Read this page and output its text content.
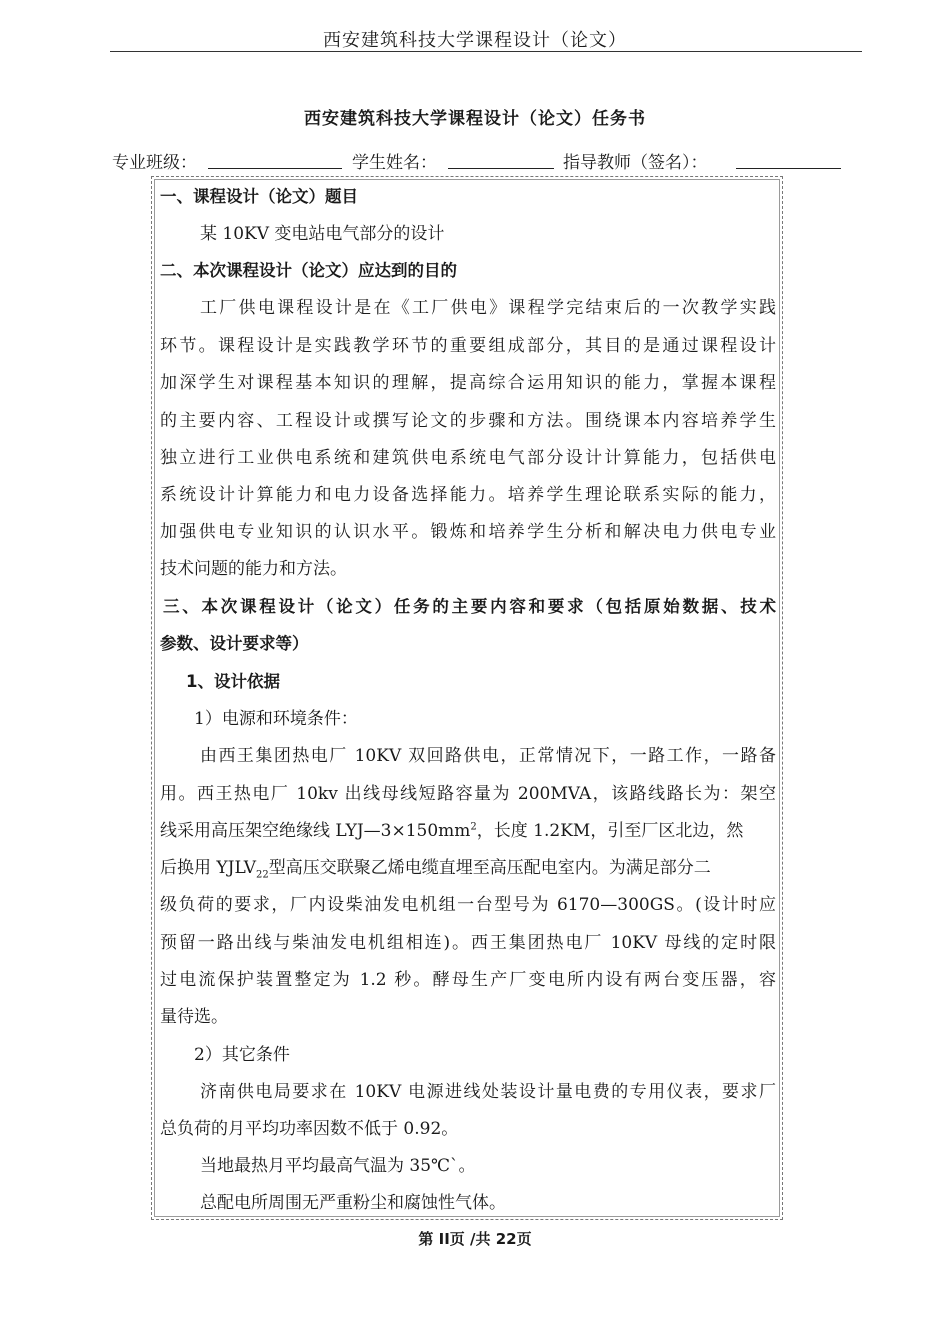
西安建筑科技大学课程设计（论文）
西安建筑科技大学课程设计（论文）任务书
专业班级：	学生姓名：	指导教师（签名）：
一、课程设计（论文）题目
某 10KV 变电站电气部分的设计
二、本次课程设计（论文）应达到的目的
工厂供电课程设计是在《工厂供电》课程学完结束后的一次教学实践
环节。课程设计是实践教学环节的重要组成部分，其目的是通过课程设计
加深学生对课程基本知识的理解，提高综合运用知识的能力，掌握本课程
的主要内容、工程设计或撰写论文的步骤和方法。围绕课本内容培养学生
独立进行工业供电系统和建筑供电系统电气部分设计计算能力，包括供电
系统设计计算能力和电力设备选择能力。培养学生理论联系实际的能力，
加强供电专业知识的认识水平。锻炼和培养学生分析和解决电力供电专业
技术问题的能力和方法。
三、本次课程设计（论文）任务的主要内容和要求（包括原始数据、技术
参数、设计要求等）
1、设计依据
1）电源和环境条件：
由西王集团热电厂 10KV 双回路供电，正常情况下，一路工作，一路备
用。西王热电厂 10kv 出线母线短路容量为 200MVA，该路线路长为：架空
线采用高压架空绝缘线 $LYJ—3\times 150mm^2$，长度 1.2KM，引至厂区北边，然
后换用 $YJLV_{22}$型高压交联聚乙烯电缆直埋至高压配电室内。为满足部分二
级负荷的要求，厂内设柴油发电机组一台型号为 6170—300GS。(设计时应
预留一路出线与柴油发电机组相连)。西王集团热电厂 10KV 母线的定时限
过电流保护装置整定为 1.2 秒。酵母生产厂变电所内设有两台变压器，容
量待选。
2）其它条件
济南供电局要求在 10KV 电源进线处装设计量电费的专用仪表，要求厂
总负荷的月平均功率因数不低于 0.92。
当地最热月平均最高气温为 35℃`。
总配电所周围无严重粉尘和腐蚀性气体。
第 II页 /共 22页
